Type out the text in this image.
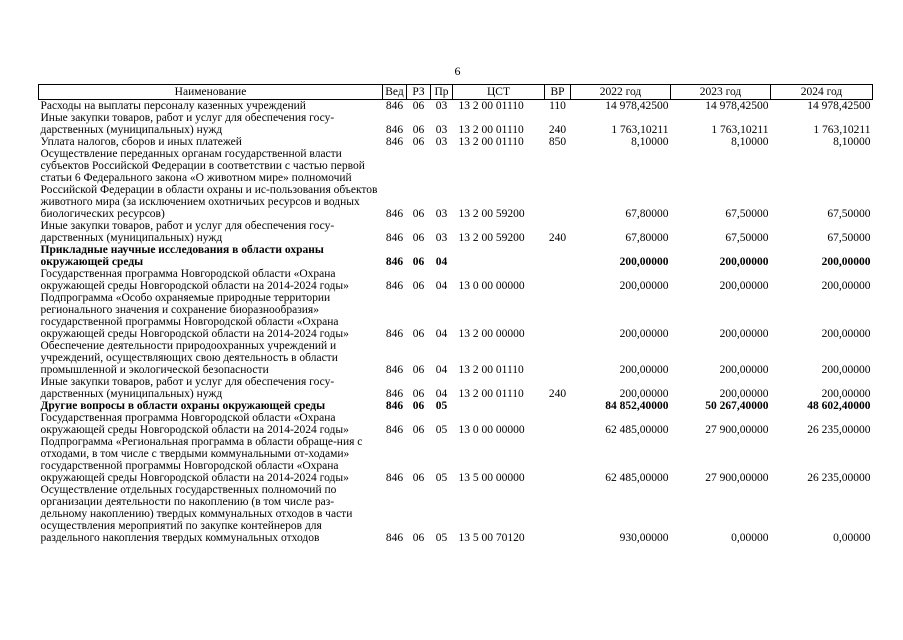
6
Наименование	Вед	РЗ	Пр	ЦСТ	ВР	2022 год	2023 год	2024 год
Расходы на выплаты персоналу казенных учреждений	846	06	03	13 2 00 01110	110	14 978,42500	14 978,42500	14 978,42500
Иные закупки товаров, работ и услуг для обеспечения госу-дарственных (муниципальных) нужд	846	06	03	13 2 00 01110	240	1 763,10211	1 763,10211	1 763,10211
Уплата налогов, сборов и иных платежей	846	06	03	13 2 00 01110	850	8,10000	8,10000	8,10000
Осуществление переданных органам государственной власти субъектов Российской Федерации в соответствии с частью первой статьи 6 Федерального закона «О животном мире» полномочий Российской Федерации в области охраны и ис-пользования объектов животного мира (за исключением охотничьих ресурсов и водных биологических ресурсов)	846	06	03	13 2 00 59200		67,80000	67,50000	67,50000
Иные закупки товаров, работ и услуг для обеспечения госу-дарственных (муниципальных) нужд	846	06	03	13 2 00 59200	240	67,80000	67,50000	67,50000
Прикладные научные исследования в области охраны окружающей среды	846	06	04			200,00000	200,00000	200,00000
Государственная программа Новгородской области «Охрана окружающей среды Новгородской области на 2014-2024 годы»	846	06	04	13 0 00 00000		200,00000	200,00000	200,00000
Подпрограмма «Особо охраняемые природные территории регионального значения и сохранение биоразнообразия» государственной программы Новгородской области «Охрана окружающей среды Новгородской области на 2014-2024 годы»	846	06	04	13 2 00 00000		200,00000	200,00000	200,00000
Обеспечение деятельности природоохранных учреждений и учреждений, осуществляющих свою деятельность в области промышленной и экологической безопасности	846	06	04	13 2 00 01110		200,00000	200,00000	200,00000
Иные закупки товаров, работ и услуг для обеспечения госу-дарственных (муниципальных) нужд	846	06	04	13 2 00 01110	240	200,00000	200,00000	200,00000
Другие вопросы в области охраны окружающей среды	846	06	05			84 852,40000	50 267,40000	48 602,40000
Государственная программа Новгородской области «Охрана окружающей среды Новгородской области на 2014-2024 годы»	846	06	05	13 0 00 00000		62 485,00000	27 900,00000	26 235,00000
Подпрограмма «Региональная программа в области обраще-ния с отходами, в том числе с твердыми коммунальными от-ходами» государственной программы Новгородской области «Охрана окружающей среды Новгородской области на 2014-2024 годы»	846	06	05	13 5 00 00000		62 485,00000	27 900,00000	26 235,00000
Осуществление отдельных государственных полномочий по организации деятельности по накоплению (в том числе раз-дельному накоплению) твердых коммунальных отходов в части осуществления мероприятий по закупке контейнеров для раздельного накопления твердых коммунальных отходов	846	06	05	13 5 00 70120		930,00000	0,00000	0,00000
